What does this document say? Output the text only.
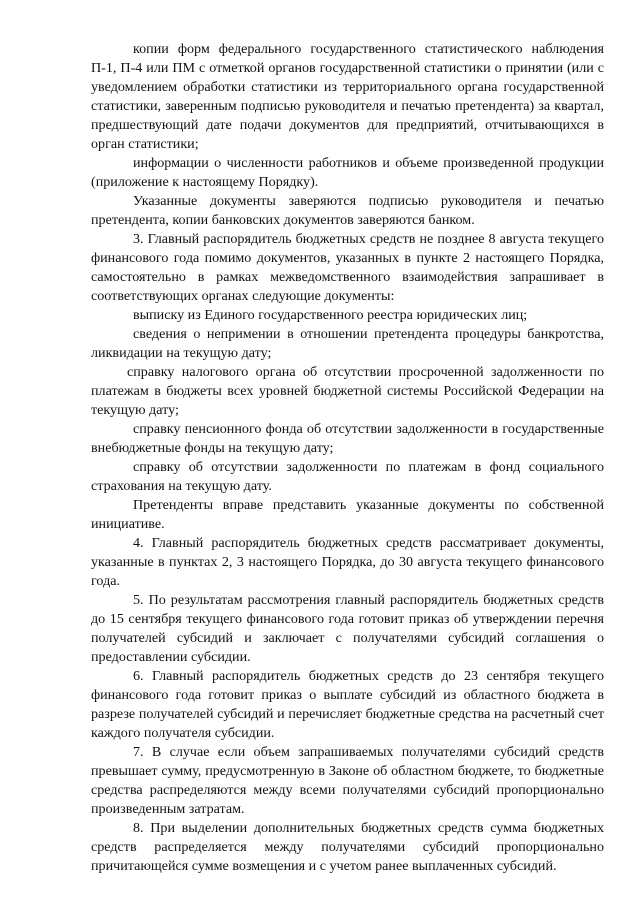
копии форм федерального государственного статистического наблюдения П-1, П-4 или ПМ с отметкой органов государственной статистики о принятии (или с уведомлением обработки статистики из территориального органа государственной статистики, заверенным подписью руководителя и печатью претендента) за квартал, предшествующий дате подачи документов для предприятий, отчитывающихся в орган статистики;

информации о численности работников и объеме произведенной продукции (приложение к настоящему Порядку).

Указанные документы заверяются подписью руководителя и печатью претендента, копии банковских документов заверяются банком.

3. Главный распорядитель бюджетных средств не позднее 8 августа текущего финансового года помимо документов, указанных в пункте 2 настоящего Порядка, самостоятельно в рамках межведомственного взаимодействия запрашивает в соответствующих органах следующие документы:

выписку из Единого государственного реестра юридических лиц;

сведения о непримении в отношении претендента процедуры банкротства, ликвидации на текущую дату;

справку налогового органа об отсутствии просроченной задолженности по платежам в бюджеты всех уровней бюджетной системы Российской Федерации на текущую дату;

справку пенсионного фонда об отсутствии задолженности в государственные внебюджетные фонды на текущую дату;

справку об отсутствии задолженности по платежам в фонд социального страхования на текущую дату.

Претенденты вправе представить указанные документы по собственной инициативе.

4. Главный распорядитель бюджетных средств рассматривает документы, указанные в пунктах 2, 3 настоящего Порядка, до 30 августа текущего финансового года.

5. По результатам рассмотрения главный распорядитель бюджетных средств до 15 сентября текущего финансового года готовит приказ об утверждении перечня получателей субсидий и заключает с получателями субсидий соглашения о предоставлении субсидии.

6. Главный распорядитель бюджетных средств до 23 сентября текущего финансового года готовит приказ о выплате субсидий из областного бюджета в разрезе получателей субсидий и перечисляет бюджетные средства на расчетный счет каждого получателя субсидии.

7. В случае если объем запрашиваемых получателями субсидий средств превышает сумму, предусмотренную в Законе об областном бюджете, то бюджетные средства распределяются между всеми получателями субсидий пропорционально произведенным затратам.

8. При выделении дополнительных бюджетных средств сумма бюджетных средств распределяется между получателями субсидий пропорционально причитающейся сумме возмещения и с учетом ранее выплаченных субсидий.
